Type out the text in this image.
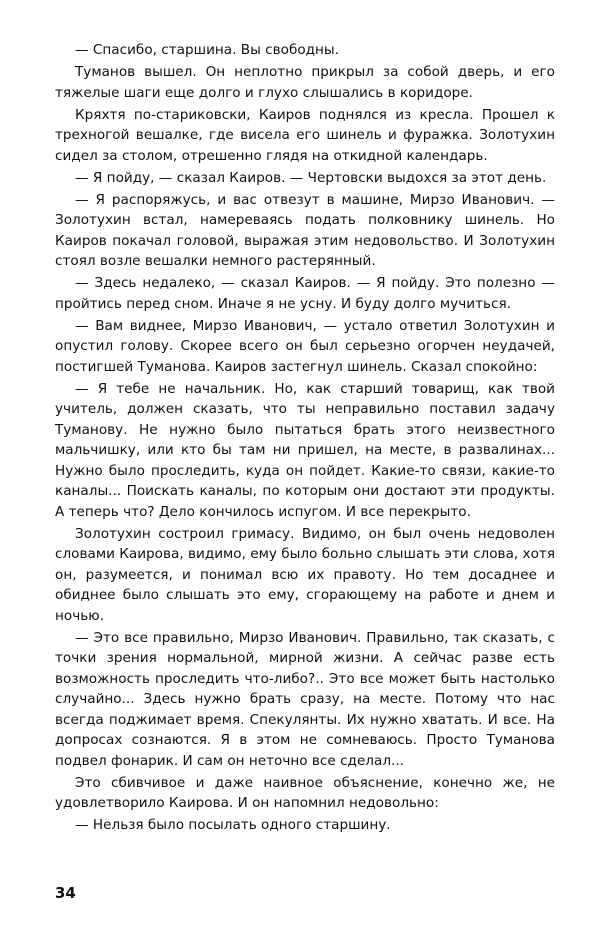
— Спасибо, старшина. Вы свободны.

Туманов вышел. Он неплотно прикрыл за собой дверь, и его тяжелые шаги еще долго и глухо слышались в коридоре.

Кряхтя по-стариковски, Каиров поднялся из кресла. Прошел к трехногой вешалке, где висела его шинель и фуражка. Золотухин сидел за столом, отрешенно глядя на откидной календарь.

— Я пойду, — сказал Каиров. — Чертовски выдохся за этот день.

— Я распоряжусь, и вас отвезут в машине, Мирзо Иванович. — Золотухин встал, намереваясь подать полковнику шинель. Но Каиров покачал головой, выражая этим недовольство. И Золотухин стоял возле вешалки немного растерянный.

— Здесь недалеко, — сказал Каиров. — Я пойду. Это полезно — пройтись перед сном. Иначе я не усну. И буду долго мучиться.

— Вам виднее, Мирзо Иванович, — устало ответил Золотухин и опустил голову. Скорее всего он был серьезно огорчен неудачей, постигшей Туманова. Каиров застегнул шинель. Сказал спокойно:

— Я тебе не начальник. Но, как старший товарищ, как твой учитель, должен сказать, что ты неправильно поставил задачу Туманову. Не нужно было пытаться брать этого неизвестного мальчишку, или кто бы там ни пришел, на месте, в развалинах... Нужно было проследить, куда он пойдет. Какие-то связи, какие-то каналы... Поискать каналы, по которым они достают эти продукты. А теперь что? Дело кончилось испугом. И все перекрыто.

Золотухин состроил гримасу. Видимо, он был очень недоволен словами Каирова, видимо, ему было больно слышать эти слова, хотя он, разумеется, и понимал всю их правоту. Но тем досаднее и обиднее было слышать это ему, сгорающему на работе и днем и ночью.

— Это все правильно, Мирзо Иванович. Правильно, так сказать, с точки зрения нормальной, мирной жизни. А сейчас разве есть возможность проследить что-либо?.. Это все может быть настолько случайно... Здесь нужно брать сразу, на месте. Потому что нас всегда поджимает время. Спекулянты. Их нужно хватать. И все. На допросах сознаются. Я в этом не сомневаюсь. Просто Туманова подвел фонарик. И сам он неточно все сделал...

Это сбивчивое и даже наивное объяснение, конечно же, не удовлетворило Каирова. И он напомнил недовольно:

— Нельзя было посылать одного старшину.

34
